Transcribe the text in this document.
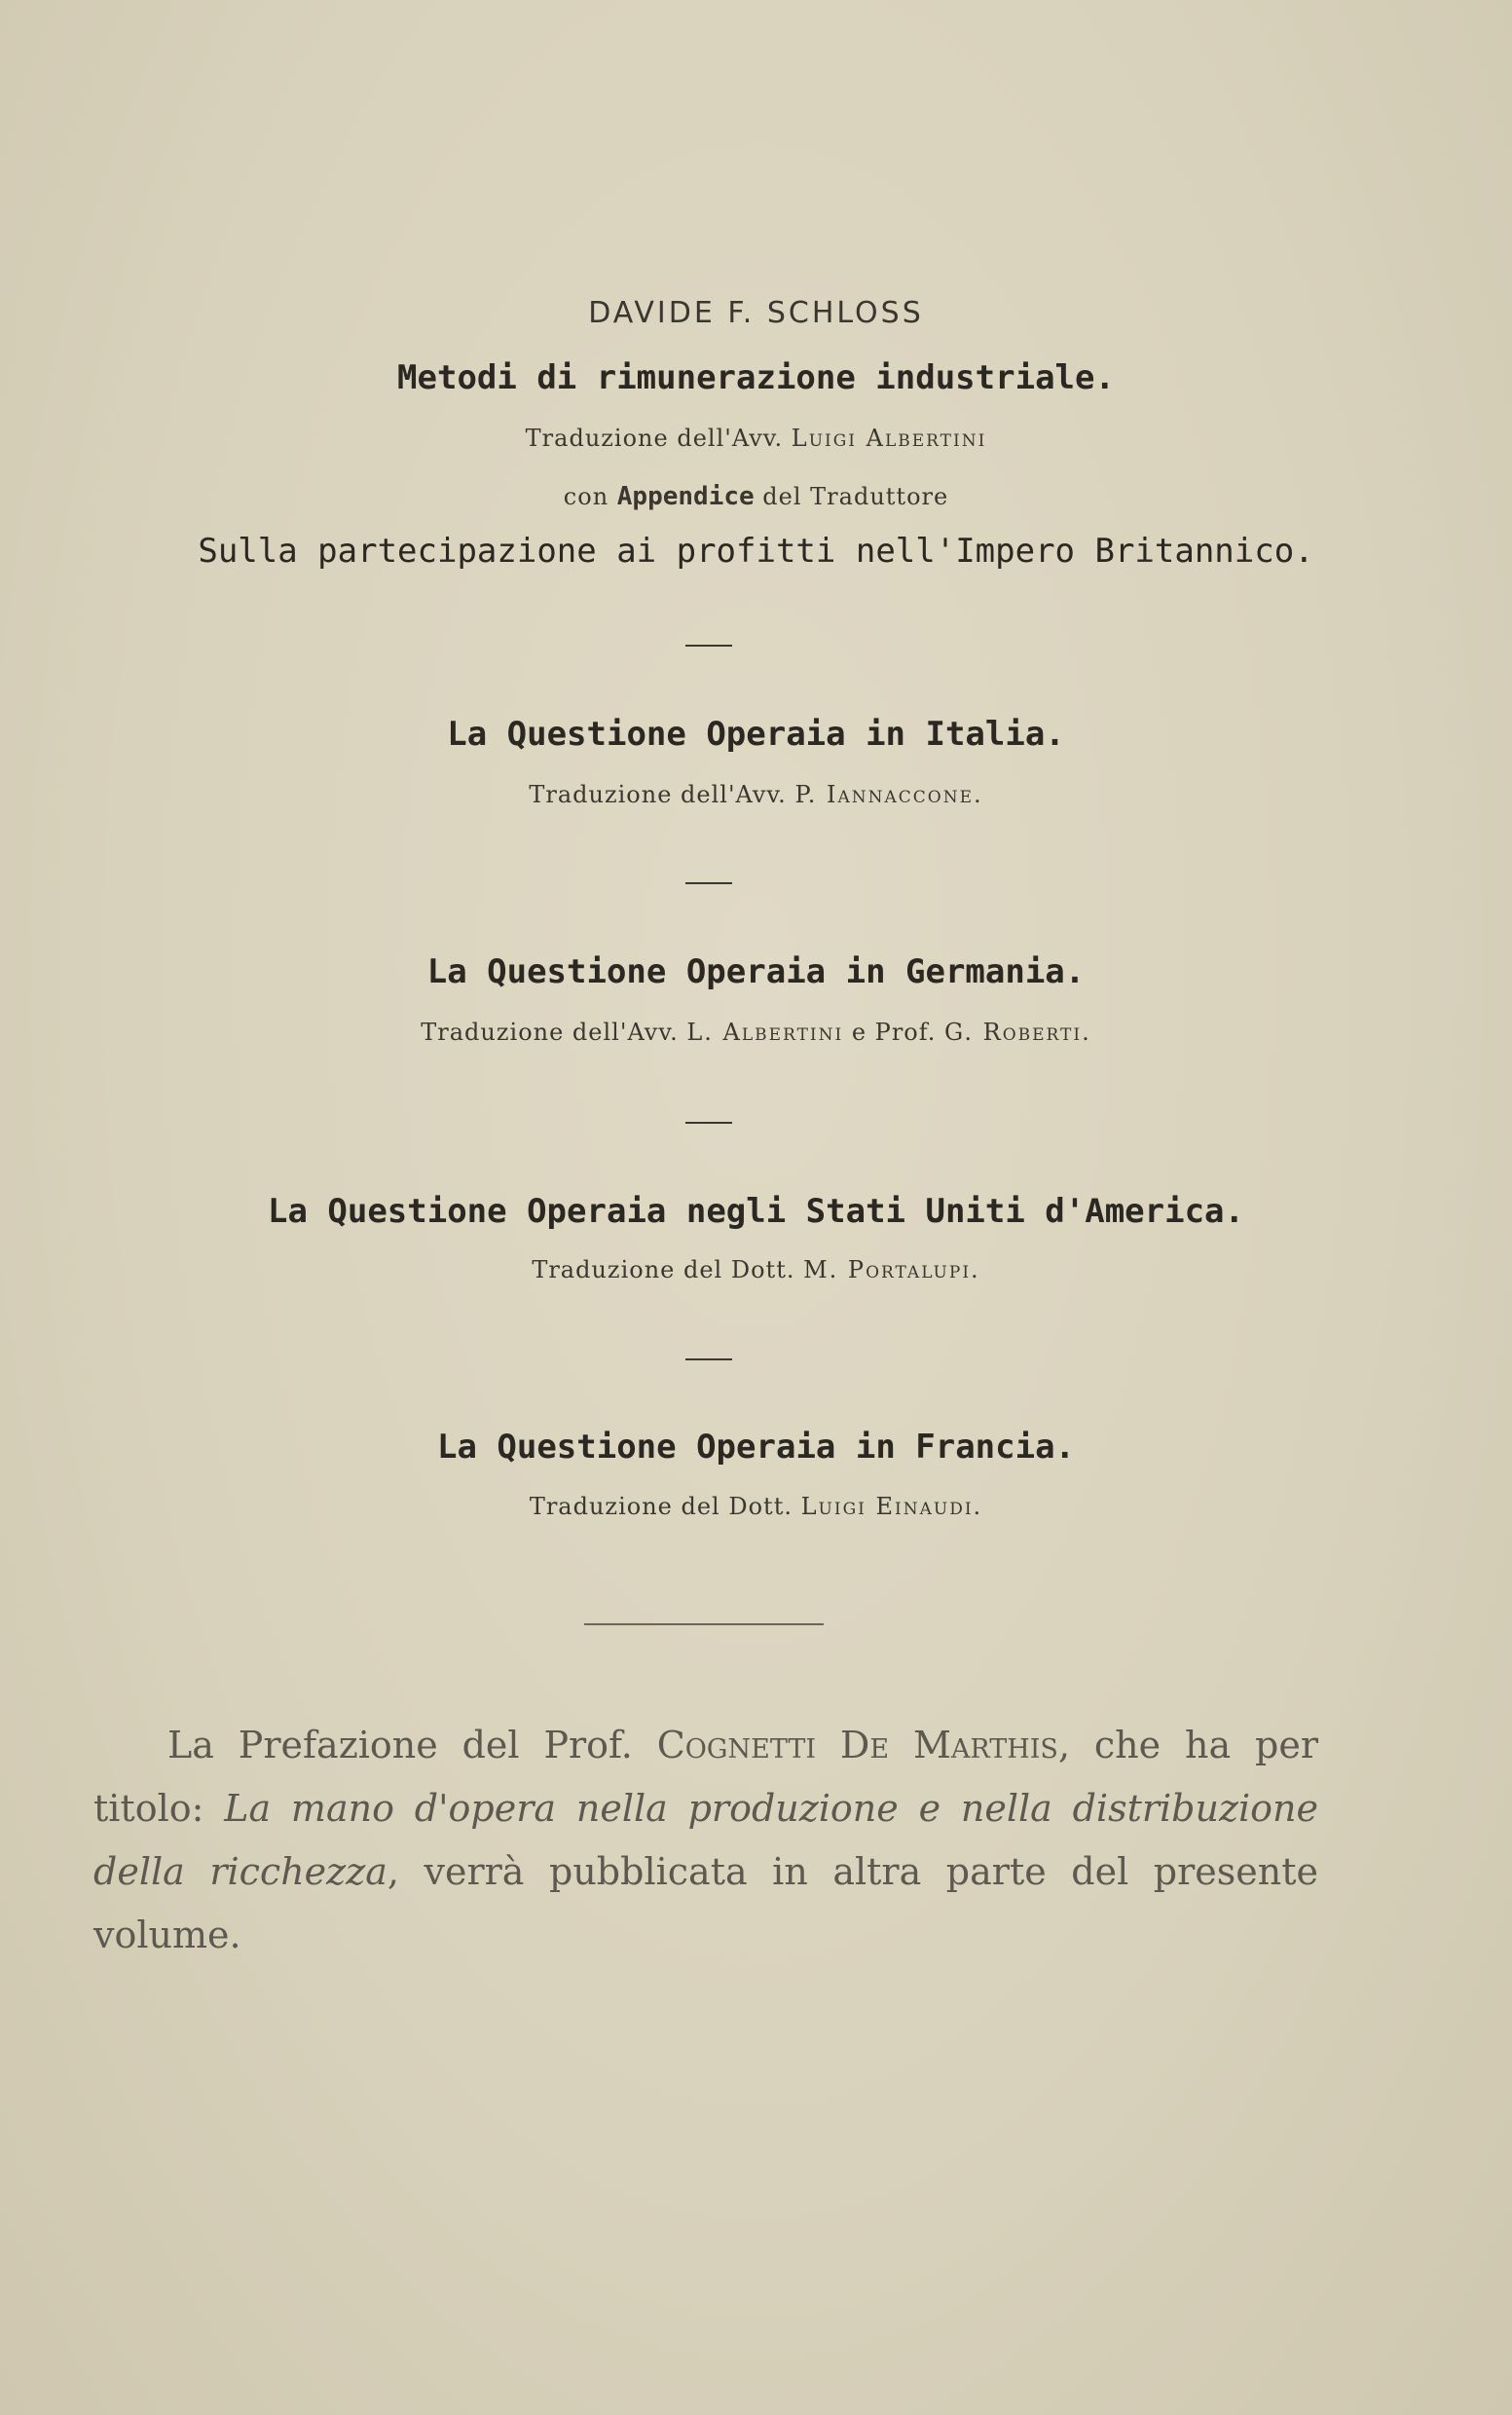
DAVIDE F. SCHLOSS
Metodi di rimunerazione industriale.
Traduzione dell'Avv. Luigi Albertini
con Appendice del Traduttore
Sulla partecipazione ai profitti nell'Impero Britannico.
La Questione Operaia in Italia.
Traduzione dell'Avv. P. Iannaccone.
La Questione Operaia in Germania.
Traduzione dell'Avv. L. Albertini e Prof. G. Roberti.
La Questione Operaia negli Stati Uniti d'America.
Traduzione del Dott. M. Portalupi.
La Questione Operaia in Francia.
Traduzione del Dott. Luigi Einaudi.
La Prefazione del Prof. Cognetti De Marthis, che ha per titolo: La mano d'opera nella produzione e nella distribuzione della ricchezza, verrà pubblicata in altra parte del presente volume.
